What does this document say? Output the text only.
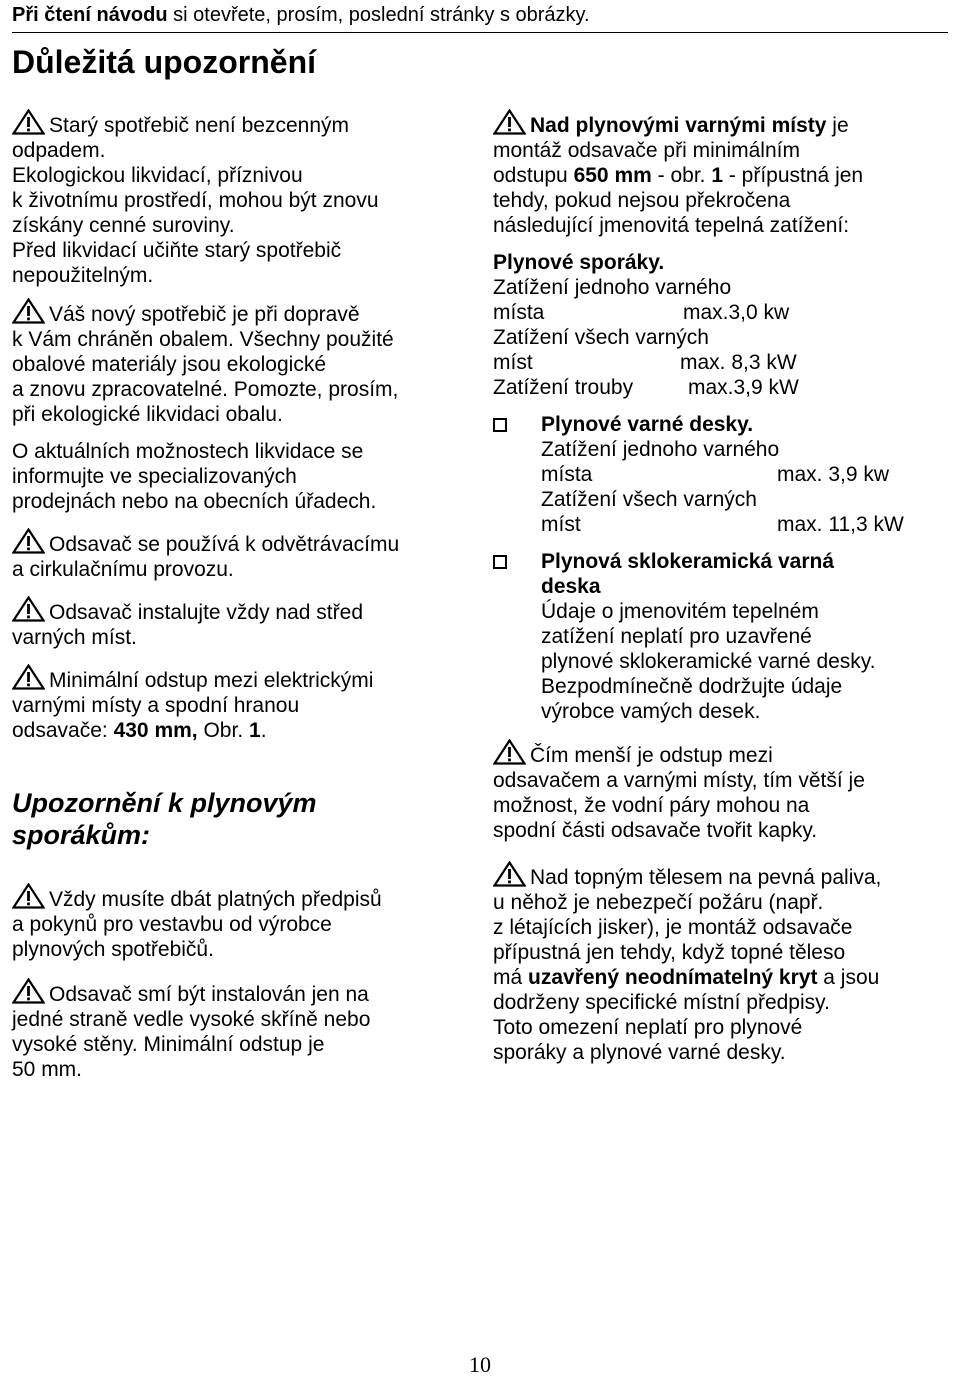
Při čtení návodu si otevřete, prosím, poslední stránky s obrázky.
Důležitá upozornění

Starý spotřebič není bezcenným
odpadem.
Ekologickou likvidací, příznivou
k životnímu prostředí, mohou být znovu
získány cenné suroviny.
Před likvidací učiňte starý spotřebič
nepoužitelným.

Váš nový spotřebič je při dopravě
k Vám chráněn obalem. Všechny použité
obalové materiály jsou ekologické
a znovu zpracovatelné. Pomozte, prosím,
při ekologické likvidaci obalu.

O aktuálních možnostech likvidace se
informujte ve specializovaných
prodejnách nebo na obecních úřadech.

Odsavač se používá k odvětrávacímu
a cirkulačnímu provozu.

Odsavač instalujte vždy nad střed
varných míst.

Minimální odstup mezi elektrickými
varnými místy a spodní hranou
odsavače: 430 mm, Obr. 1.

Upozornění k plynovým
sporákům:

Vždy musíte dbát platných předpisů
a pokynů pro vestavbu od výrobce
plynových spotřebičů.

Odsavač smí být instalován jen na
jedné straně vedle vysoké skříně nebo
vysoké stěny. Minimální odstup je
50 mm.

Nad plynovými varnými místy je
montáž odsavače při minimálním
odstupu 650 mm - obr. 1 - přípustná jen
tehdy, pokud nejsou překročena
následující jmenovitá tepelná zatížení:

Plynové sporáky.

Zatížení jednoho varného
místa	max.3,0 kw
Zatížení všech varných
míst	max. 8,3 kW
Zatížení trouby	max.3,9 kW
Plynové varné desky.
Zatížení jednoho varného
místa	max. 3,9 kw
Zatížení všech varných
míst	max. 11,3 kW
Plynová sklokeramická varná
deska
Údaje o jmenovitém tepelném
zatížení neplatí pro uzavřené
plynové sklokeramické varné desky.
Bezpodmínečně dodržujte údaje
výrobce vamých desek.

Čím menší je odstup mezi
odsavačem a varnými místy, tím větší je
možnost, že vodní páry mohou na
spodní části odsavače tvořit kapky.

Nad topným tělesem na pevná paliva,
u něhož je nebezpečí požáru (např.
z létajících jisker), je montáž odsavače
přípustná jen tehdy, když topné těleso
má uzavřený neodnímatelný kryt a jsou
dodrženy specifické místní předpisy.
Toto omezení neplatí pro plynové
sporáky a plynové varné desky.

10
